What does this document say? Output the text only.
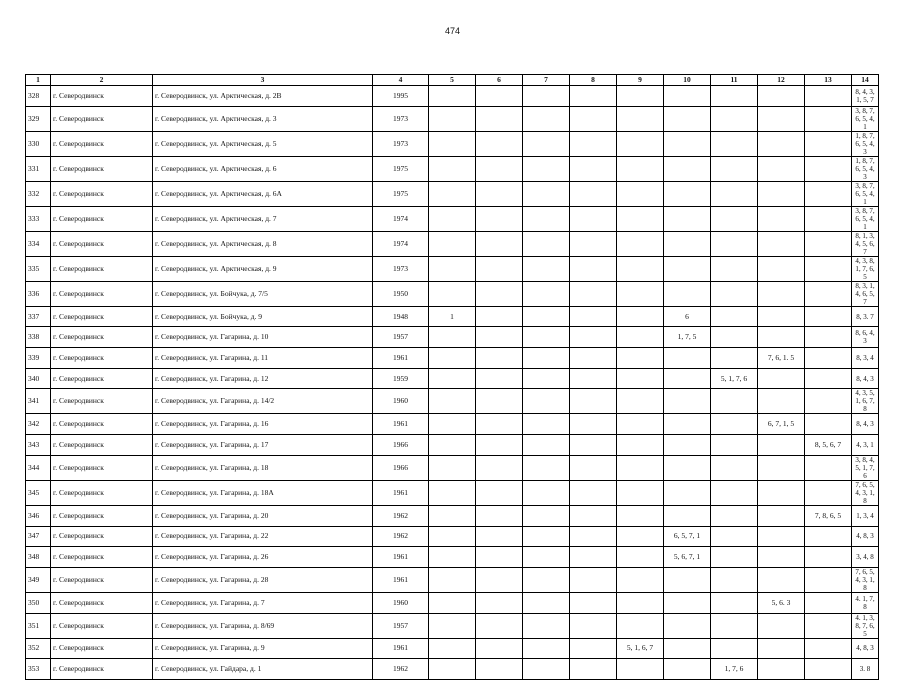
474
1	2	3	4	5	6	7	8	9	10	11	12	13	14
328	г. Северодвинск	г. Северодвинск, ул. Арктическая, д. 2В	1995										8, 4, 3, 1, 5, 7
329	г. Северодвинск	г. Северодвинск, ул. Арктическая, д. 3	1973										3, 8, 7, 6, 5, 4, 1
330	г. Северодвинск	г. Северодвинск, ул. Арктическая, д. 5	1973										1, 8, 7, 6, 5, 4, 3
331	г. Северодвинск	г. Северодвинск, ул. Арктическая, д. 6	1975										1, 8, 7, 6, 5, 4, 3
332	г. Северодвинск	г. Северодвинск, ул. Арктическая, д. 6А	1975										3, 8, 7, 6, 5, 4, 1
333	г. Северодвинск	г. Северодвинск, ул. Арктическая, д. 7	1974										3, 8, 7, 6, 5, 4, 1
334	г. Северодвинск	г. Северодвинск, ул. Арктическая, д. 8	1974										8, 1, 3, 4, 5, 6, 7
335	г. Северодвинск	г. Северодвинск, ул. Арктическая, д. 9	1973										4, 3, 8, 1, 7, 6, 5
336	г. Северодвинск	г. Северодвинск, ул. Бойчука, д. 7/5	1950										8, 3, 1, 4, 6, 5, 7
337	г. Северодвинск	г. Северодвинск, ул. Бойчука, д. 9	1948	1					6				8, 3. 7
338	г. Северодвинск	г. Северодвинск, ул. Гагарина, д. 10	1957						1, 7, 5				8, 6, 4, 3
339	г. Северодвинск	г. Северодвинск, ул. Гагарина, д. 11	1961								7, 6, 1. 5		8, 3, 4
340	г. Северодвинск	г. Северодвинск, ул. Гагарина, д. 12	1959							5, 1, 7, 6			8, 4, 3
341	г. Северодвинск	г. Северодвинск, ул. Гагарина, д. 14/2	1960										4, 3, 5, 1, 6, 7, 8
342	г. Северодвинск	г. Северодвинск, ул. Гагарина, д. 16	1961								6, 7, 1, 5		8, 4, 3
343	г. Северодвинск	г. Северодвинск, ул. Гагарина, д. 17	1966									8, 5, 6, 7	4, 3, 1
344	г. Северодвинск	г. Северодвинск, ул. Гагарина, д. 18	1966										3, 8, 4, 5, 1, 7, 6
345	г. Северодвинск	г. Северодвинск, ул. Гагарина, д. 18А	1961										7, 6, 5, 4, 3, 1, 8
346	г. Северодвинск	г. Северодвинск, ул. Гагарина, д. 20	1962									7, 8, 6, 5	1, 3, 4
347	г. Северодвинск	г. Северодвинск, ул. Гагарина, д. 22	1962						6, 5, 7, 1				4, 8, 3
348	г. Северодвинск	г. Северодвинск, ул. Гагарина, д. 26	1961						5, 6, 7, 1				3, 4, 8
349	г. Северодвинск	г. Северодвинск, ул. Гагарина, д. 28	1961										7, 6, 5, 4, 3, 1, 8
350	г. Северодвинск	г. Северодвинск, ул. Гагарина, д. 7	1960								5, 6. 3		4. 1, 7, 8
351	г. Северодвинск	г. Северодвинск, ул. Гагарина, д. 8/69	1957										4. 1, 3, 8, 7, 6, 5
352	г. Северодвинск	г. Северодвинск, ул. Гагарина, д. 9	1961					5, 1, 6, 7					4, 8, 3
353	г. Северодвинск	г. Северодвинск, ул. Гайдара, д. 1	1962							1, 7, 6			3. 8
